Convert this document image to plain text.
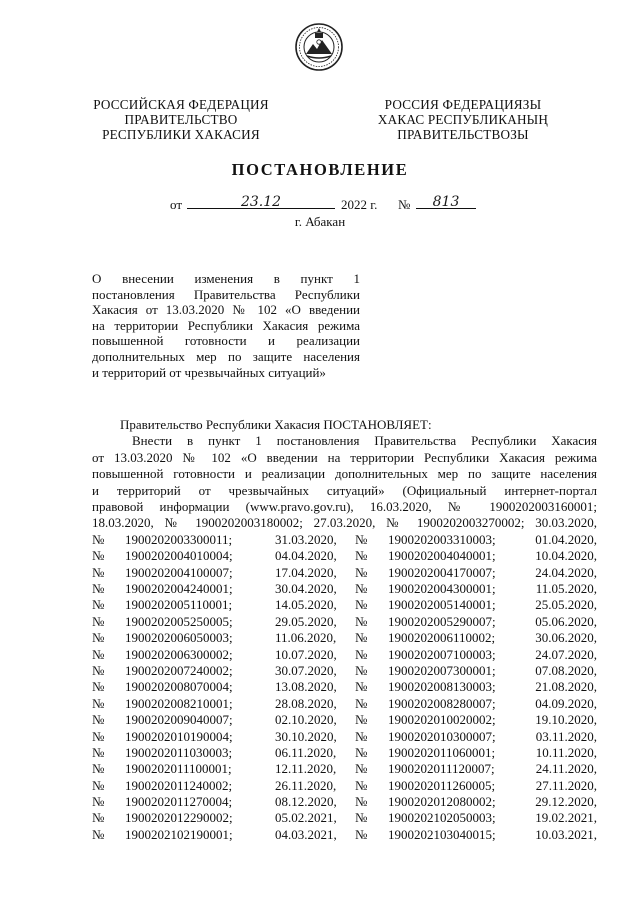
РОССИЙСКАЯ ФЕДЕРАЦИЯ
ПРАВИТЕЛЬСТВО
РЕСПУБЛИКИ ХАКАСИЯ
РОССИЯ ФЕДЕРАЦИЯЗЫ
ХАКАС РЕСПУБЛИКАНЫҢ
ПРАВИТЕЛЬСТВОЗЫ
ПОСТАНОВЛЕНИЕ
от	23.12	2022 г. №	813
г. Абакан
О внесении изменения в пункт 1
постановления Правительства Республики
Хакасия от 13.03.2020 № 102 «О введении
на территории Республики Хакасия режима
повышенной готовности и реализации
дополнительных мер по защите населения
и территорий от чрезвычайных ситуаций»
Правительство Республики Хакасия ПОСТАНОВЛЯЕТ:
Внести в пункт 1 постановления Правительства Республики Хакасия
от 13.03.2020 № 102 «О введении на территории Республики Хакасия режима
повышенной готовности и реализации дополнительных мер по защите населения
и территорий от чрезвычайных ситуаций» (Официальный интернет-портал
правовой информации (www.pravo.gov.ru), 16.03.2020, № 1900202003160001;
18.03.2020, № 1900202003180002; 27.03.2020, № 1900202003270002; 30.03.2020,
№ 1900202003300011;	31.03.2020, № 1900202003310003;	01.04.2020,
№ 1900202004010004;	04.04.2020, № 1900202004040001;	10.04.2020,
№ 1900202004100007;	17.04.2020, № 1900202004170007;	24.04.2020,
№ 1900202004240001;	30.04.2020, № 1900202004300001;	11.05.2020,
№ 1900202005110001;	14.05.2020, № 1900202005140001;	25.05.2020,
№ 1900202005250005;	29.05.2020, № 1900202005290007;	05.06.2020,
№ 1900202006050003;	11.06.2020, № 1900202006110002;	30.06.2020,
№ 1900202006300002;	10.07.2020, № 1900202007100003;	24.07.2020,
№ 1900202007240002;	30.07.2020, № 1900202007300001;	07.08.2020,
№ 1900202008070004;	13.08.2020, № 1900202008130003;	21.08.2020,
№ 1900202008210001;	28.08.2020, № 1900202008280007;	04.09.2020,
№ 1900202009040007;	02.10.2020, № 1900202010020002;	19.10.2020,
№ 1900202010190004;	30.10.2020, № 1900202010300007;	03.11.2020,
№ 1900202011030003;	06.11.2020, № 1900202011060001;	10.11.2020,
№ 1900202011100001;	12.11.2020, № 1900202011120007;	24.11.2020,
№ 1900202011240002;	26.11.2020, № 1900202011260005;	27.11.2020,
№ 1900202011270004;	08.12.2020, № 1900202012080002;	29.12.2020,
№ 1900202012290002;	05.02.2021, № 1900202102050003;	19.02.2021,
№ 1900202102190001;	04.03.2021, № 1900202103040015;	10.03.2021,
